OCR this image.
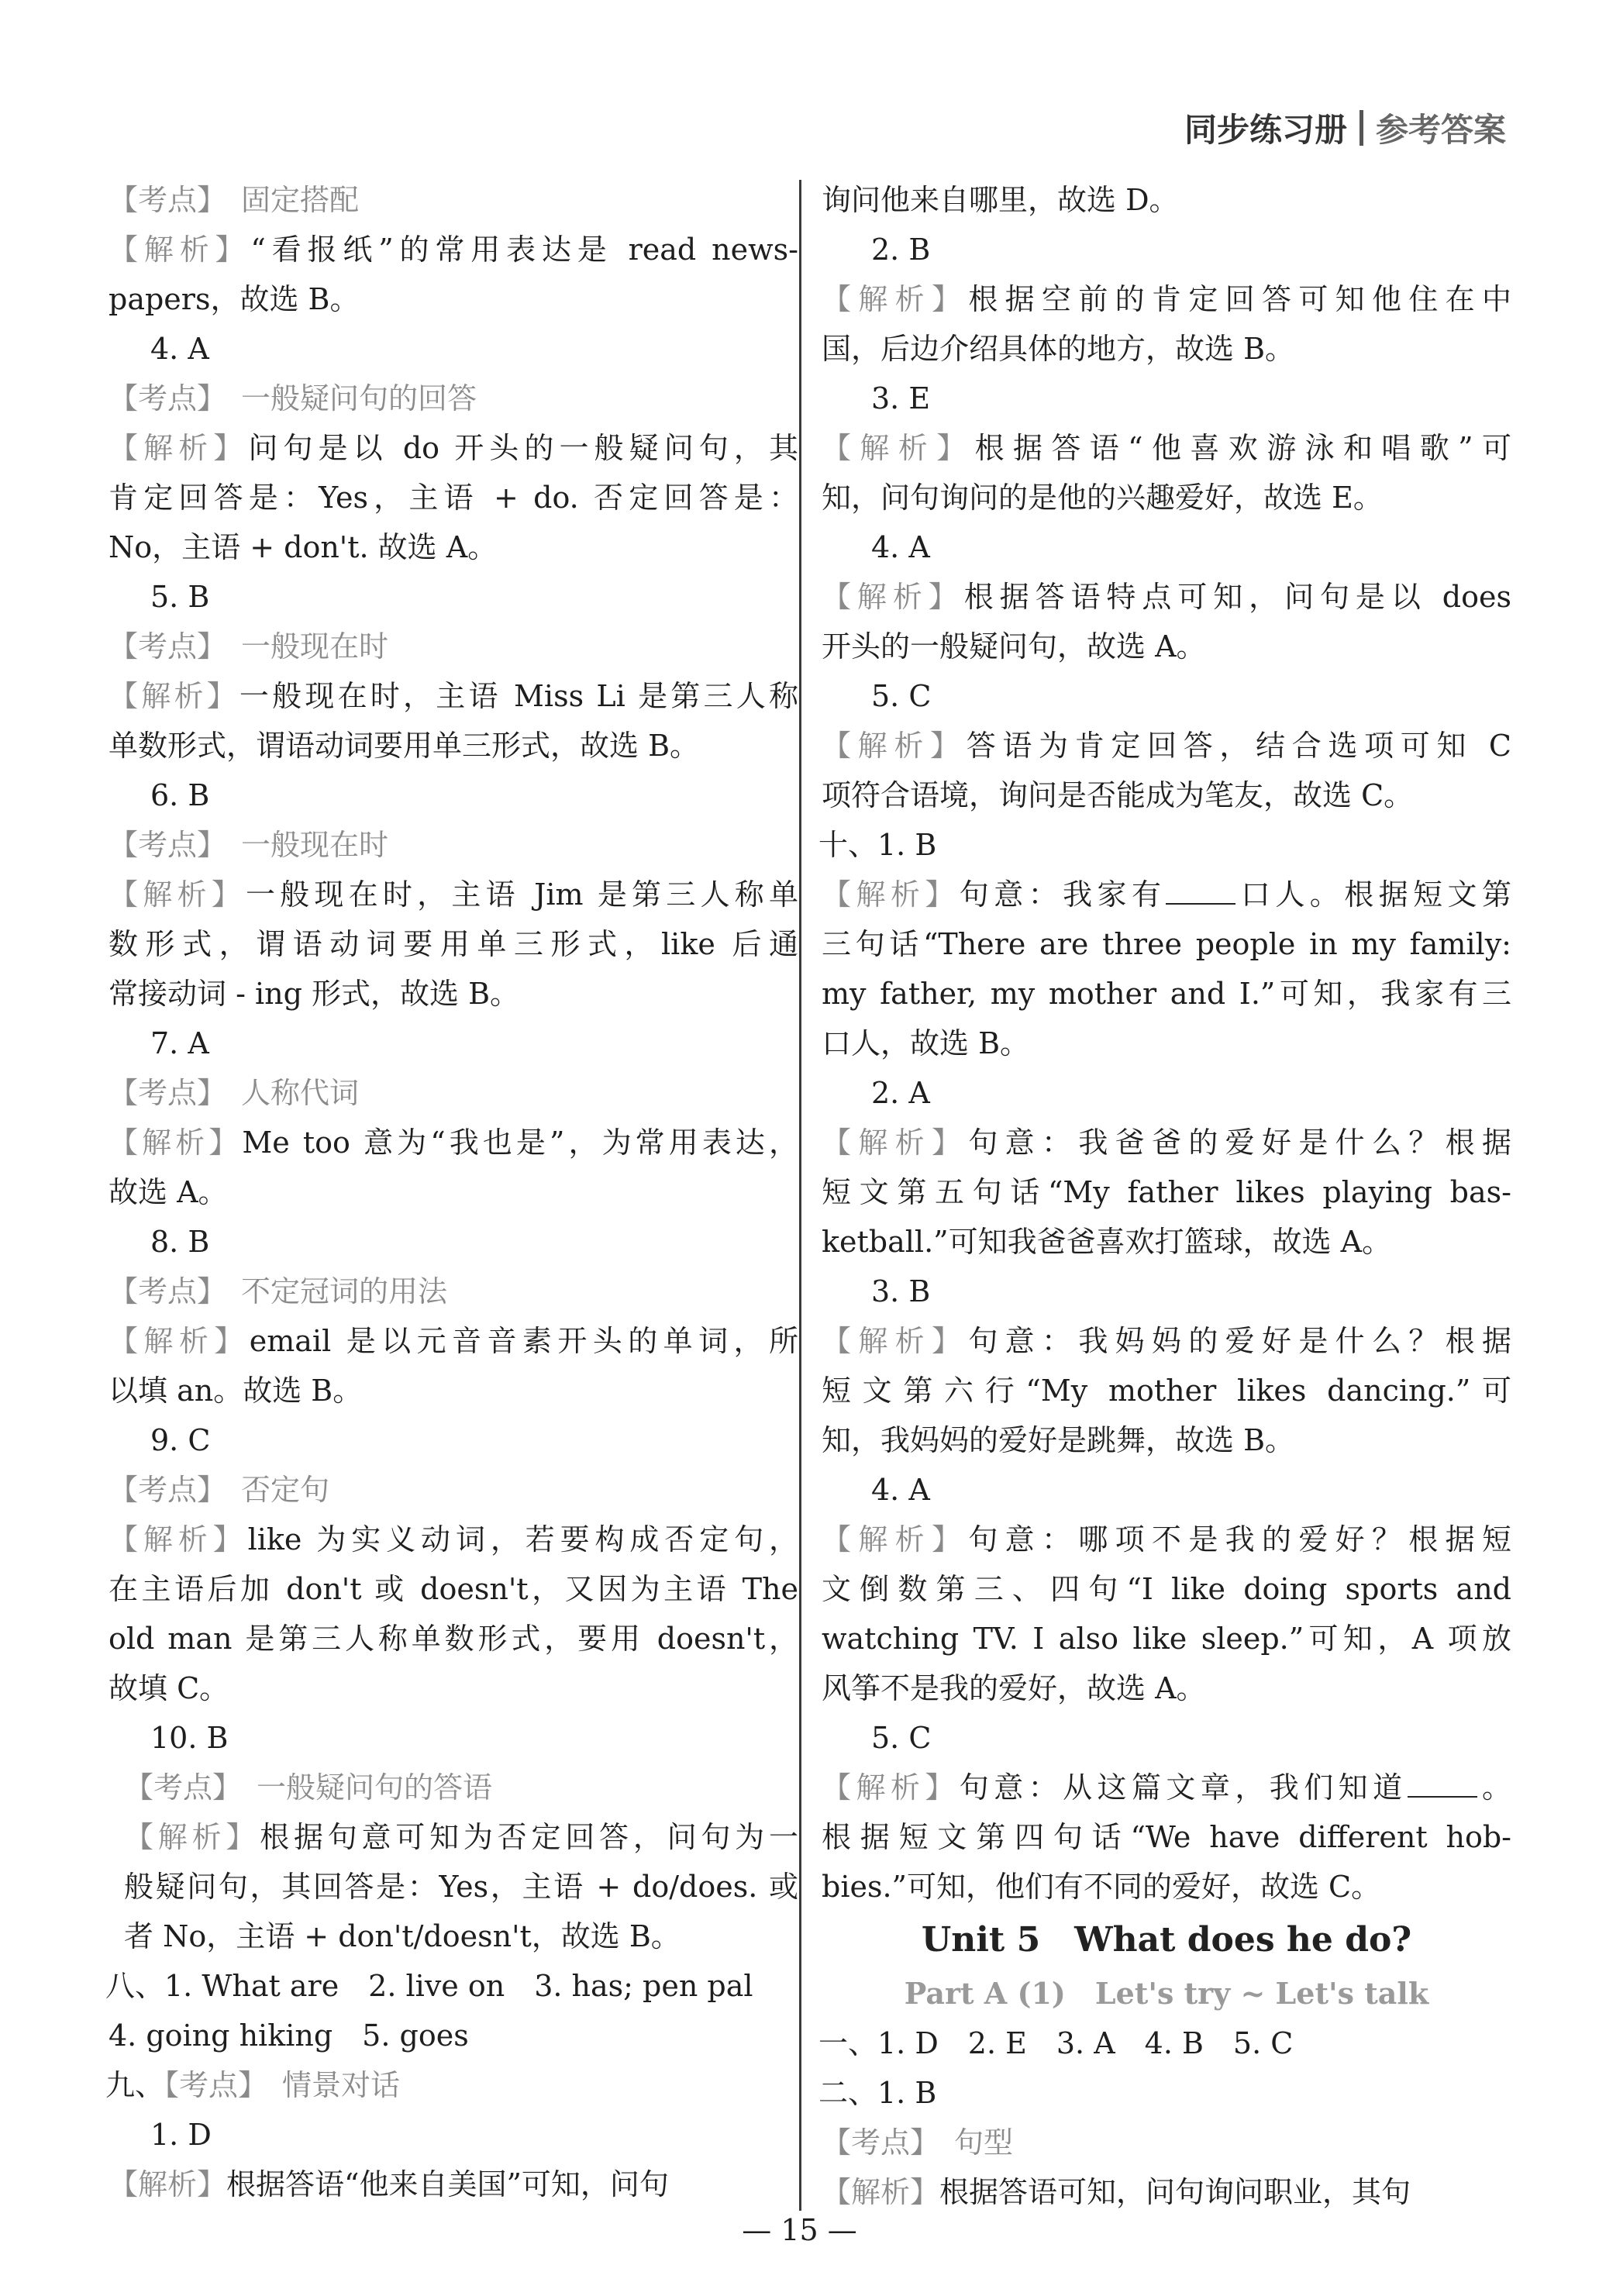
同步练习册 参考答案
【考点】　固定搭配
【解析】“看报纸”的常用表达是 read news-
papers，故选 B。
4. A
【考点】　一般疑问句的回答
【解析】问句是以 do 开头的一般疑问句，其
肯定回答是：Yes，主语 + do. 否定回答是：
No，主语 + don't. 故选 A。
5. B
【考点】　一般现在时
【解析】一般现在时，主语 Miss Li 是第三人称
单数形式，谓语动词要用单三形式，故选 B。
6. B
【考点】　一般现在时
【解析】一般现在时，主语 Jim 是第三人称单
数形式，谓语动词要用单三形式，like 后通
常接动词 - ing 形式，故选 B。
7. A
【考点】　人称代词
【解析】Me too 意为“我也是”，为常用表达，
故选 A。
8. B
【考点】　不定冠词的用法
【解析】email 是以元音音素开头的单词，所
以填 an。故选 B。
9. C
【考点】　否定句
【解析】like 为实义动词，若要构成否定句，
在主语后加 don't 或 doesn't，又因为主语 The
old man 是第三人称单数形式，要用 doesn't，
故填 C。
10. B
【考点】　一般疑问句的答语
【解析】根据句意可知为否定回答，问句为一
般疑问句，其回答是：Yes，主语 + do/does. 或
者 No，主语 + don't/doesn't，故选 B。
八、1. What are　2. live on　3. has; pen pal
4. going hiking　5. goes
九、【考点】　情景对话
1. D
【解析】根据答语“他来自美国”可知，问句
询问他来自哪里，故选 D。
2. B
【解析】根据空前的肯定回答可知他住在中
国，后边介绍具体的地方，故选 B。
3. E
【解析】根据答语“他喜欢游泳和唱歌”可
知，问句询问的是他的兴趣爱好，故选 E。
4. A
【解析】根据答语特点可知，问句是以 does
开头的一般疑问句，故选 A。
5. C
【解析】答语为肯定回答，结合选项可知 C
项符合语境，询问是否能成为笔友，故选 C。
十、1. B
【解析】句意：我家有 口人。根据短文第
三句话“There are three people in my family:
my father, my mother and I.”可知，我家有三
口人，故选 B。
2. A
【解析】句意：我爸爸的爱好是什么？根据
短文第五句话“My father likes playing bas-
ketball.”可知我爸爸喜欢打篮球，故选 A。
3. B
【解析】句意：我妈妈的爱好是什么？根据
短文第六行“My mother likes dancing.”可
知，我妈妈的爱好是跳舞，故选 B。
4. A
【解析】句意：哪项不是我的爱好？根据短
文倒数第三、四句“I like doing sports and
watching TV. I also like sleep.”可知，A 项放
风筝不是我的爱好，故选 A。
5. C
【解析】句意：从这篇文章，我们知道 。
根据短文第四句话“We have different hob-
bies.”可知，他们有不同的爱好，故选 C。
Unit 5　What does he do?
Part A (1)　Let's try ~ Let's talk
一、1. D　2. E　3. A　4. B　5. C
二、1. B
【考点】　句型
【解析】根据答语可知，问句询问职业，其句
— 15 —
